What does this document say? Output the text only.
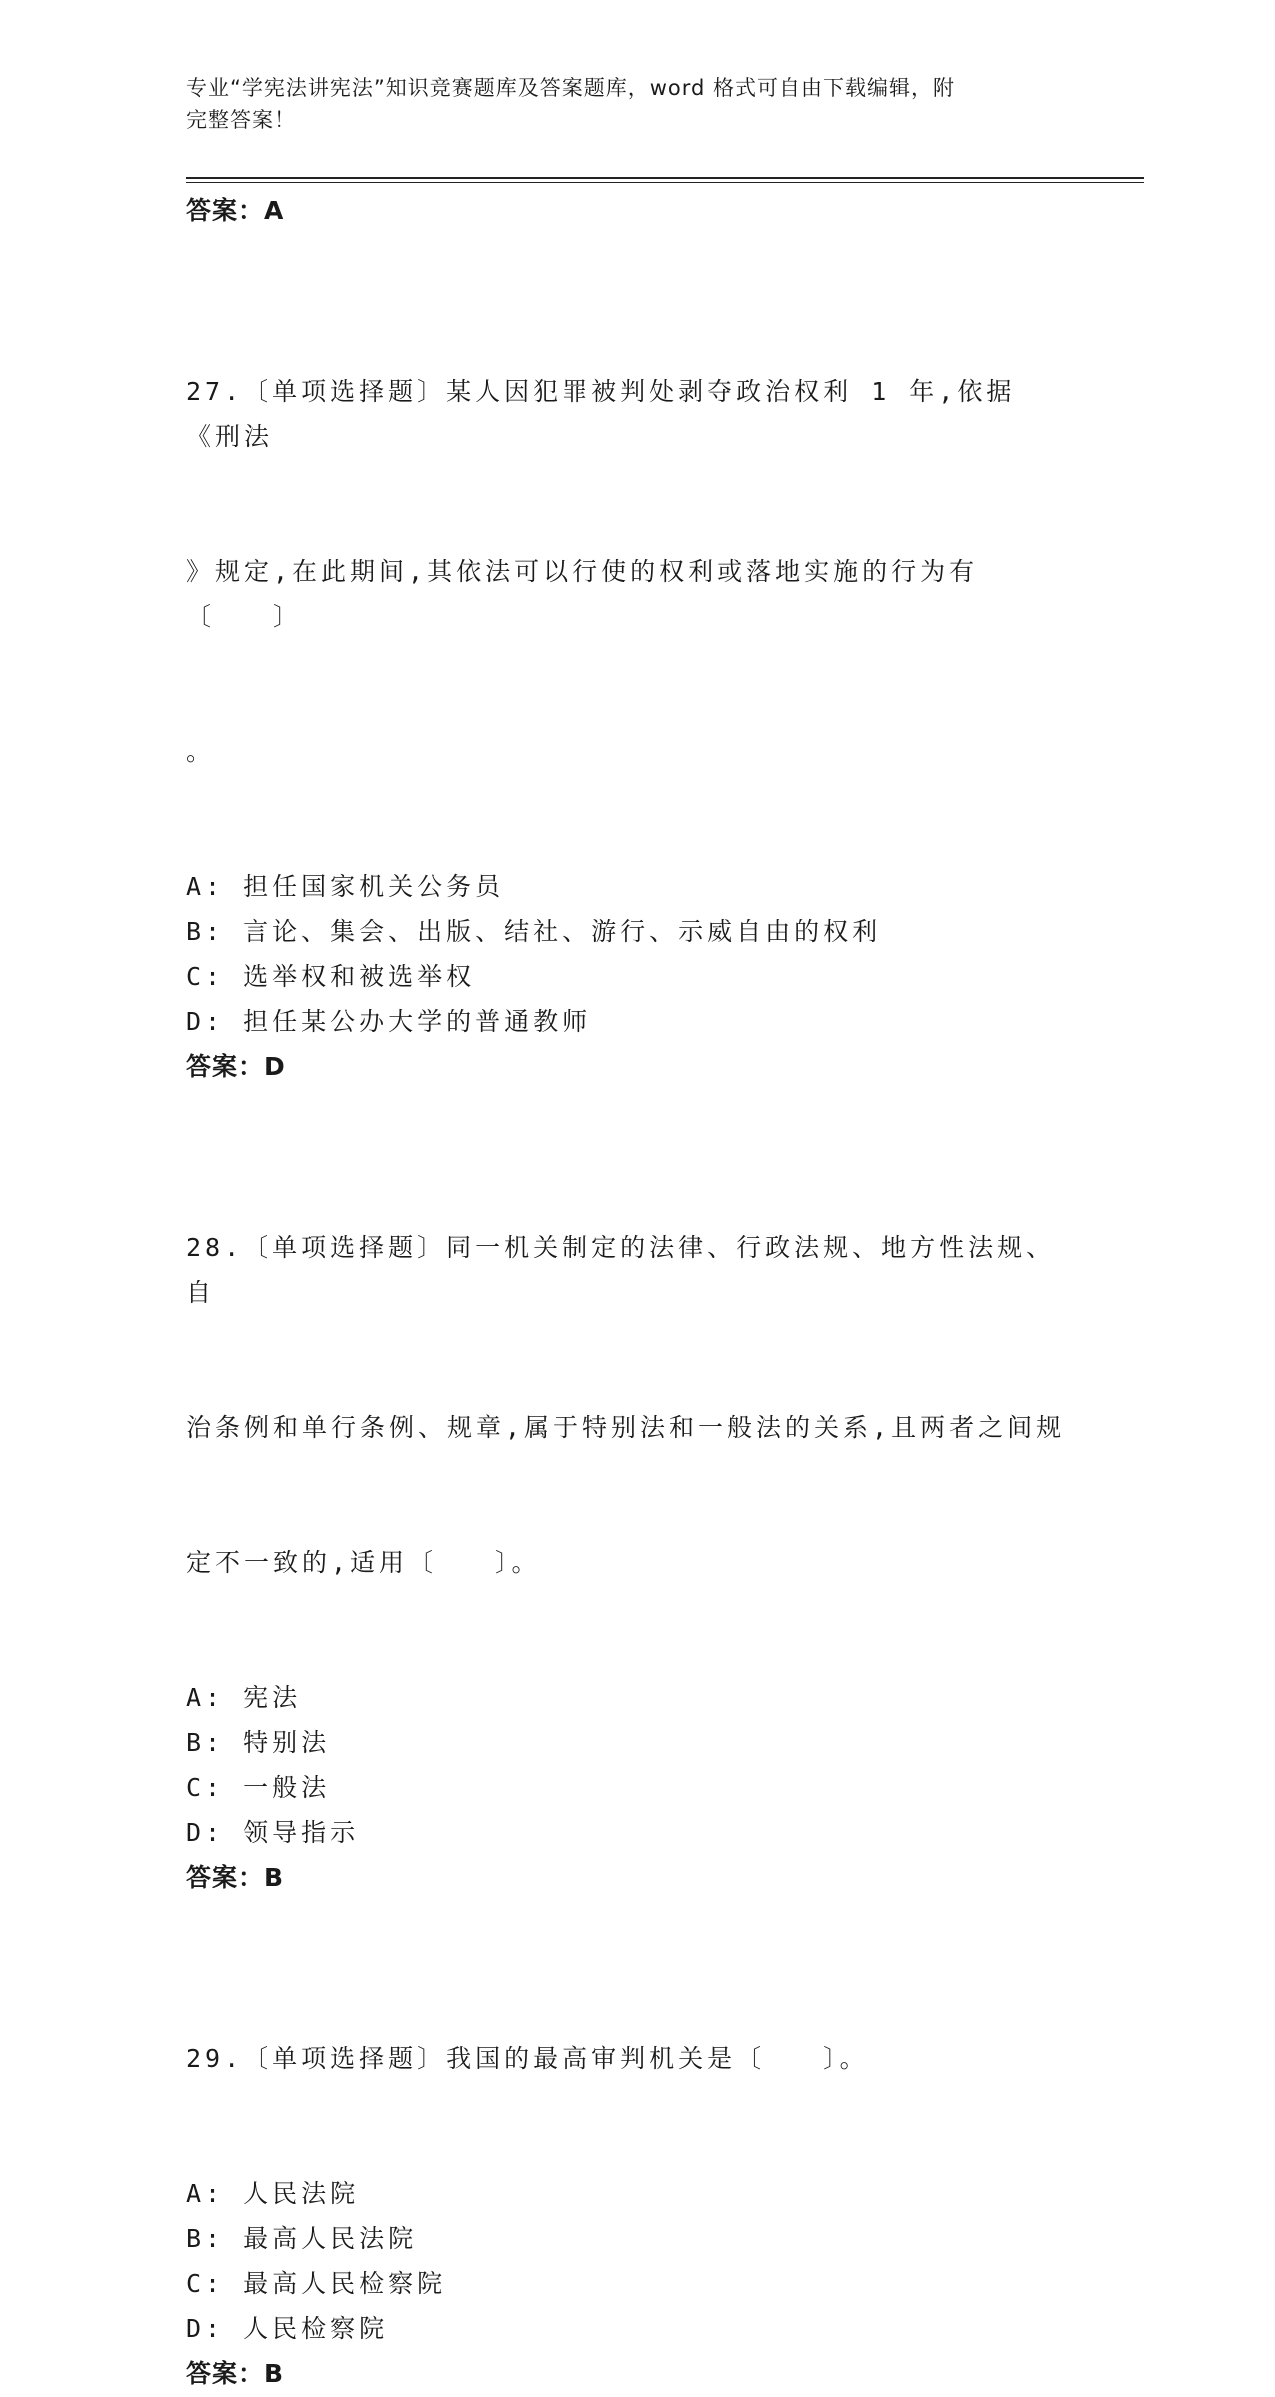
专业“学宪法讲宪法”知识竞赛题库及答案题库，word 格式可自由下载编辑，附
完整答案！
答案：A

27.〔单项选择题〕某人因犯罪被判处剥夺政治权利 1 年,依据《刑法

》规定,在此期间,其依法可以行使的权利或落地实施的行为有〔　　〕

。

A: 担任国家机关公务员
B: 言论、集会、出版、结社、游行、示威自由的权利
C: 选举权和被选举权
D: 担任某公办大学的普通教师
答案：D

28.〔单项选择题〕同一机关制定的法律、行政法规、地方性法规、自

治条例和单行条例、规章,属于特别法和一般法的关系,且两者之间规

定不一致的,适用〔　　〕。

A: 宪法
B: 特别法
C: 一般法
D: 领导指示
答案：B

29.〔单项选择题〕我国的最高审判机关是〔　　〕。

A: 人民法院
B: 最高人民法院
C: 最高人民检察院
D: 人民检察院
答案：B
